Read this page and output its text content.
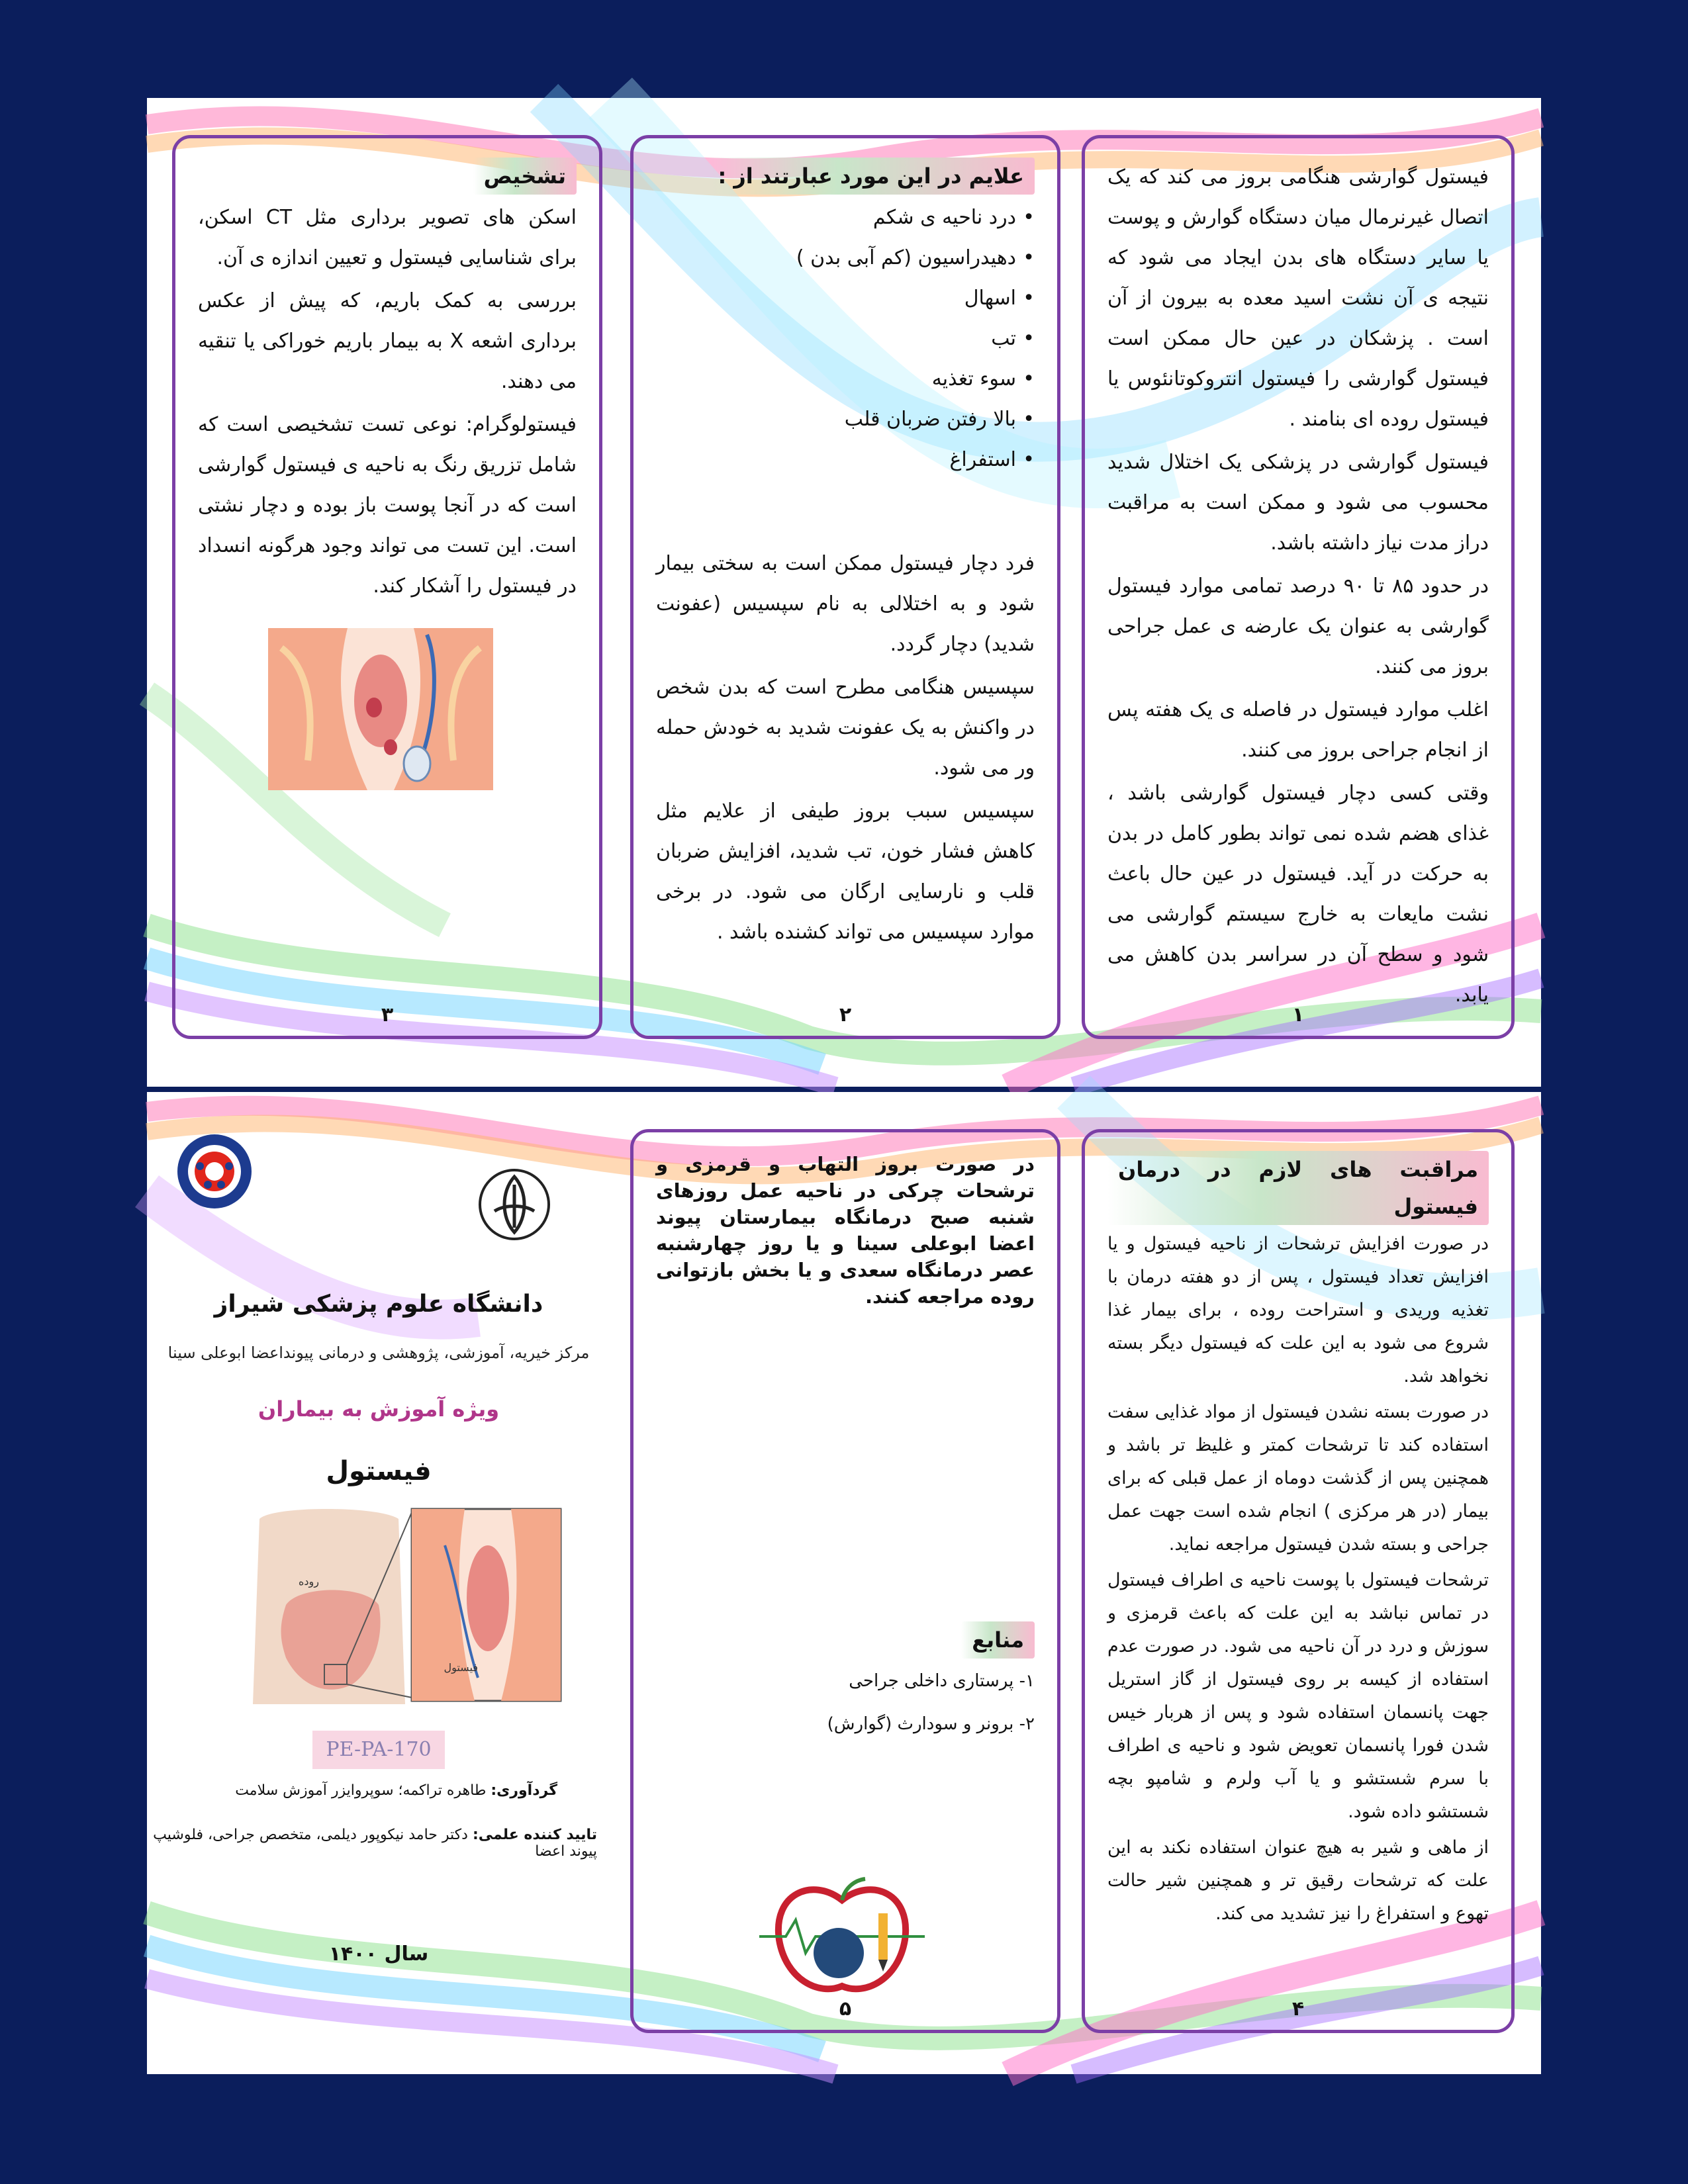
تشخیص

اسکن های تصویر برداری مثل CT اسکن، برای شناسایی فیستول و تعیین اندازه ی آن.

بررسی به کمک باریم، که پیش از عکس برداری اشعه X به بیمار باریم خوراکی یا تنقیه می دهند.

فیستولوگرام: نوعی تست تشخیصی است که شامل تزریق رنگ به ناحیه ی فیستول گوارشی است که در آنجا پوست باز بوده و دچار نشتی است. این تست می تواند وجود هرگونه انسداد در فیستول را آشکار کند.

۳
علایم در این مورد عبارتند از :
• درد ناحیه ی شکم
• دهیدراسیون (کم آبی بدن )
• اسهال
• تب
• سوء تغذیه
• بالا رفتن ضربان قلب
• استفراغ

فرد دچار فیستول ممکن است به سختی بیمار شود و به اختلالی به نام سپسیس (عفونت شدید) دچار گردد.

سپسیس هنگامی مطرح است که بدن شخص در واکنش به یک عفونت شدید به خودش حمله ور می شود.

سپسیس سبب بروز طیفی از علایم مثل کاهش فشار خون، تب شدید، افزایش ضربان قلب و نارسایی ارگان می شود. در برخی موارد سپسیس می تواند کشنده باشد .

۲

فیستول گوارشی هنگامی بروز می کند که یک اتصال غیرنرمال میان دستگاه گوارش و پوست یا سایر دستگاه های بدن ایجاد می شود که نتیجه ی آن نشت اسید معده به بیرون از آن است . پزشکان در عین حال ممکن است فیستول گوارشی را فیستول انتروکوتانئوس یا فیستول روده ای بنامند .

فیستول گوارشی در پزشکی یک اختلال شدید محسوب می شود و ممکن است به مراقبت دراز مدت نیاز داشته باشد.

در حدود ۸۵ تا ۹۰ درصد تمامی موارد فیستول گوارشی به عنوان یک عارضه ی عمل جراحی بروز می کنند.

اغلب موارد فیستول در فاصله ی یک هفته پس از انجام جراحی بروز می کنند.

وقتی کسی دچار فیستول گوارشی باشد ، غذای هضم شده نمی تواند بطور کامل در بدن به حرکت در آید. فیستول در عین حال باعث نشت مایعات به خارج سیستم گوارشی می شود و سطح آن در سراسر بدن کاهش می یابد.

۱
دانشگاه علوم پزشکی شیراز
مرکز خیریه، آموزشی، پژوهشی و درمانی پیونداعضا ابوعلی سینا
ویژه آموزش به بیماران
فیستول
روده
فیستول
PE-PA-170
گردآوری: طاهره تراکمه؛ سوپروایزر آموزش سلامت
تایید کننده علمی: دکتر حامد نیکوپور دیلمی، متخصص جراحی، فلوشیپ پیوند اعضا
سال ۱۴۰۰
در صورت بروز التهاب و قرمزی و ترشحات چرکی در ناحیه عمل روزهای شنبه صبح درمانگاه بیمارستان پیوند اعضا ابوعلی سینا و یا روز چهارشنبه عصر درمانگاه سعدی و یا بخش بازتوانی روده مراجعه کنند.
منابع

۱- پرستاری داخلی جراحی

۲- برونر و سودارث (گوارش)

۵
مراقبت های لازم در درمان فیستول

در صورت افزایش ترشحات از ناحیه فیستول و یا افزایش تعداد فیستول ، پس از دو هفته درمان با تغذیه وریدی و استراحت روده ، برای بیمار غذا شروع می شود به این علت که فیستول دیگر بسته نخواهد شد.

در صورت بسته نشدن فیستول از مواد غذایی سفت استفاده کند تا ترشحات کمتر و غلیظ تر باشد و همچنین پس از گذشت دوماه از عمل قبلی که برای بیمار (در هر مرکزی ) انجام شده است جهت عمل جراحی و بسته شدن فیستول مراجعه نماید.

ترشحات فیستول با پوست ناحیه ی اطراف فیستول در تماس نباشد به این علت که باعث قرمزی و سوزش و درد در آن ناحیه می شود. در صورت عدم استفاده از کیسه بر روی فیستول از گاز استریل جهت پانسمان استفاده شود و پس از هربار خیس شدن فورا پانسمان تعویض شود و ناحیه ی اطراف با سرم شستشو و یا آب ولرم و شامپو بچه شستشو داده شود.

از ماهی و شیر به هیچ عنوان استفاده نکند به این علت که ترشحات رقیق تر و همچنین شیر حالت تهوع و استفراغ را نیز تشدید می کند.

۴
